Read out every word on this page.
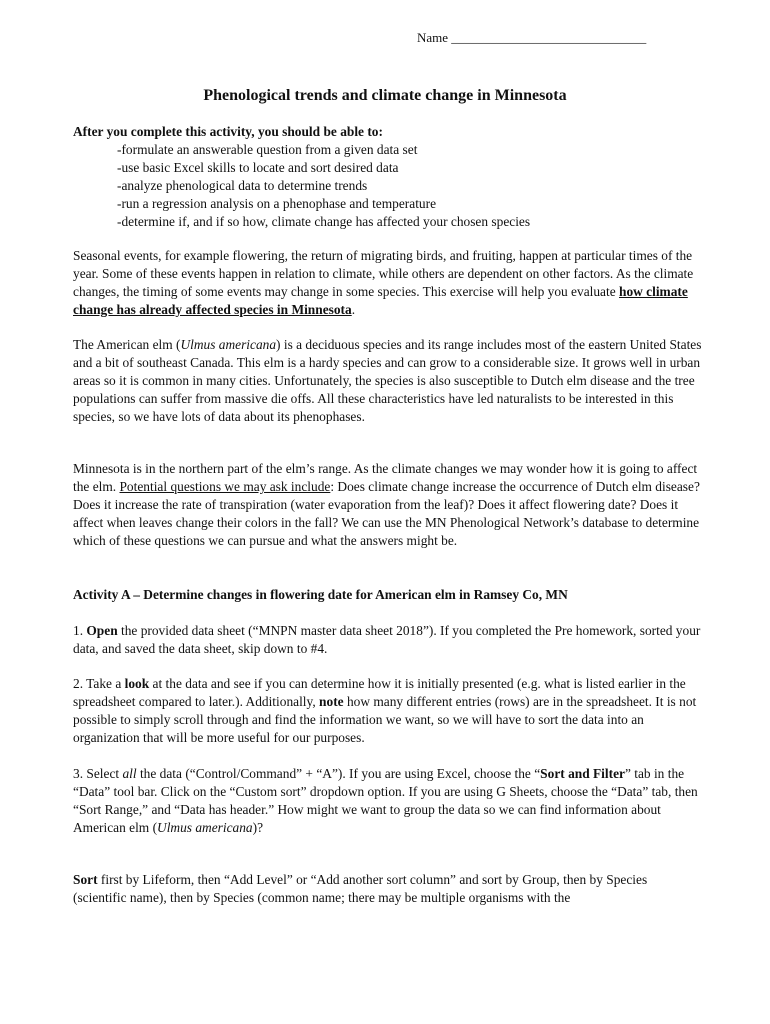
Name ______________________________
Phenological trends and climate change in Minnesota
After you complete this activity, you should be able to:
-formulate an answerable question from a given data set
-use basic Excel skills to locate and sort desired data
-analyze phenological data to determine trends
-run a regression analysis on a phenophase and temperature
-determine if, and if so how, climate change has affected your chosen species
Seasonal events, for example flowering, the return of migrating birds, and fruiting, happen at particular times of the year. Some of these events happen in relation to climate, while others are dependent on other factors. As the climate changes, the timing of some events may change in some species. This exercise will help you evaluate how climate change has already affected species in Minnesota.
The American elm (Ulmus americana) is a deciduous species and its range includes most of the eastern United States and a bit of southeast Canada. This elm is a hardy species and can grow to a considerable size. It grows well in urban areas so it is common in many cities. Unfortunately, the species is also susceptible to Dutch elm disease and the tree populations can suffer from massive die offs. All these characteristics have led naturalists to be interested in this species, so we have lots of data about its phenophases.
Minnesota is in the northern part of the elm’s range. As the climate changes we may wonder how it is going to affect the elm. Potential questions we may ask include: Does climate change increase the occurrence of Dutch elm disease? Does it increase the rate of transpiration (water evaporation from the leaf)? Does it affect flowering date? Does it affect when leaves change their colors in the fall? We can use the MN Phenological Network’s database to determine which of these questions we can pursue and what the answers might be.
Activity A – Determine changes in flowering date for American elm in Ramsey Co, MN
1. Open the provided data sheet (“MNPN master data sheet 2018”). If you completed the Pre homework, sorted your data, and saved the data sheet, skip down to #4.
2. Take a look at the data and see if you can determine how it is initially presented (e.g. what is listed earlier in the spreadsheet compared to later.). Additionally, note how many different entries (rows) are in the spreadsheet. It is not possible to simply scroll through and find the information we want, so we will have to sort the data into an organization that will be more useful for our purposes.
3. Select all the data (“Control/Command” + “A”). If you are using Excel, choose the “Sort and Filter” tab in the “Data” tool bar. Click on the “Custom sort” dropdown option. If you are using G Sheets, choose the “Data” tab, then “Sort Range,” and “Data has header.” How might we want to group the data so we can find information about American elm (Ulmus americana)?
Sort first by Lifeform, then “Add Level” or “Add another sort column” and sort by Group, then by Species (scientific name), then by Species (common name; there may be multiple organisms with the
